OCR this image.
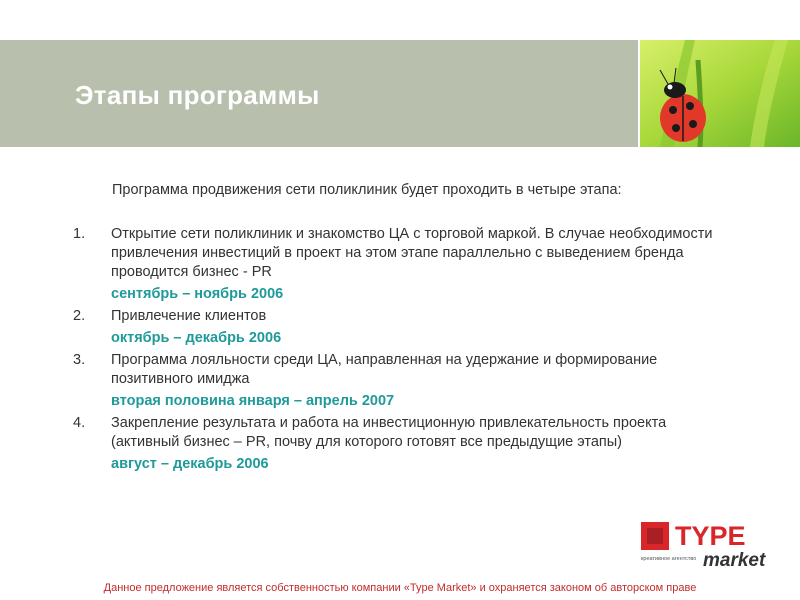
Этапы программы
Программа продвижения сети поликлиник будет проходить в четыре этапа:
1. Открытие сети поликлиник и знакомство ЦА с торговой маркой. В случае необходимости привлечения инвестиций в проект на этом этапе параллельно с выведением бренда проводится бизнес - PR
сентябрь – ноябрь 2006
2. Привлечение клиентов
октябрь – декабрь 2006
3. Программа лояльности среди ЦА, направленная на удержание и формирование позитивного имиджа
вторая половина января – апрель 2007
4. Закрепление результата и работа на инвестиционную привлекательность проекта (активный бизнес – PR, почву для которого готовят все предыдущие этапы)
август – декабрь 2006
TYPE
market
креативное агентство
Данное предложение является собственностью компании «Type Market» и охраняется законом об авторском праве
